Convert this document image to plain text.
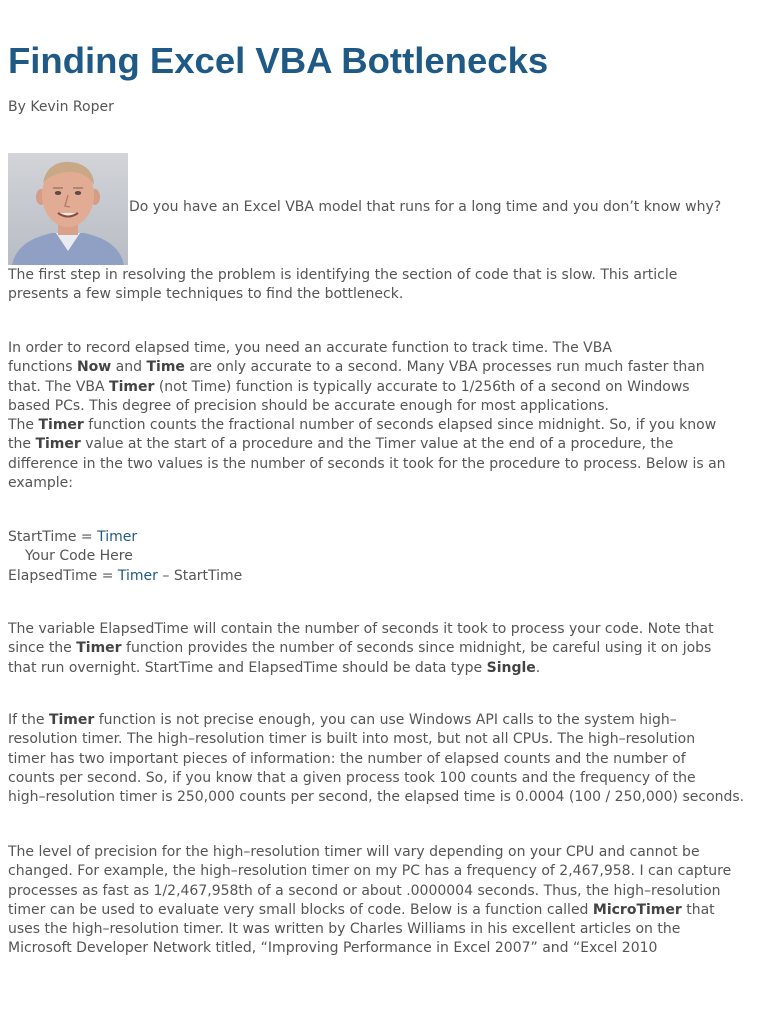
Finding Excel VBA Bottlenecks
By Kevin Roper
Do you have an Excel VBA model that runs for a long time and you don’t know why?
The first step in resolving the problem is identifying the section of code that is slow. This article
presents a few simple techniques to find the bottleneck.
In order to record elapsed time, you need an accurate function to track time. The VBA
functions Now and Time are only accurate to a second. Many VBA processes run much faster than
that. The VBA Timer (not Time) function is typically accurate to 1/256th of a second on Windows
based PCs. This degree of precision should be accurate enough for most applications.
The Timer function counts the fractional number of seconds elapsed since midnight. So, if you know
the Timer value at the start of a procedure and the Timer value at the end of a procedure, the
difference in the two values is the number of seconds it took for the procedure to process. Below is an
example:
StartTime = Timer
Your Code Here
ElapsedTime = Timer – StartTime
The variable ElapsedTime will contain the number of seconds it took to process your code. Note that
since the Timer function provides the number of seconds since midnight, be careful using it on jobs
that run overnight. StartTime and ElapsedTime should be data type Single.
If the Timer function is not precise enough, you can use Windows API calls to the system high–
resolution timer. The high–resolution timer is built into most, but not all CPUs. The high–resolution
timer has two important pieces of information: the number of elapsed counts and the number of
counts per second. So, if you know that a given process took 100 counts and the frequency of the
high–resolution timer is 250,000 counts per second, the elapsed time is 0.0004 (100 / 250,000) seconds.
The level of precision for the high–resolution timer will vary depending on your CPU and cannot be
changed. For example, the high–resolution timer on my PC has a frequency of 2,467,958. I can capture
processes as fast as 1/2,467,958th of a second or about .0000004 seconds. Thus, the high–resolution
timer can be used to evaluate very small blocks of code. Below is a function called MicroTimer that
uses the high–resolution timer. It was written by Charles Williams in his excellent articles on the
Microsoft Developer Network titled, “Improving Performance in Excel 2007” and “Excel 2010
